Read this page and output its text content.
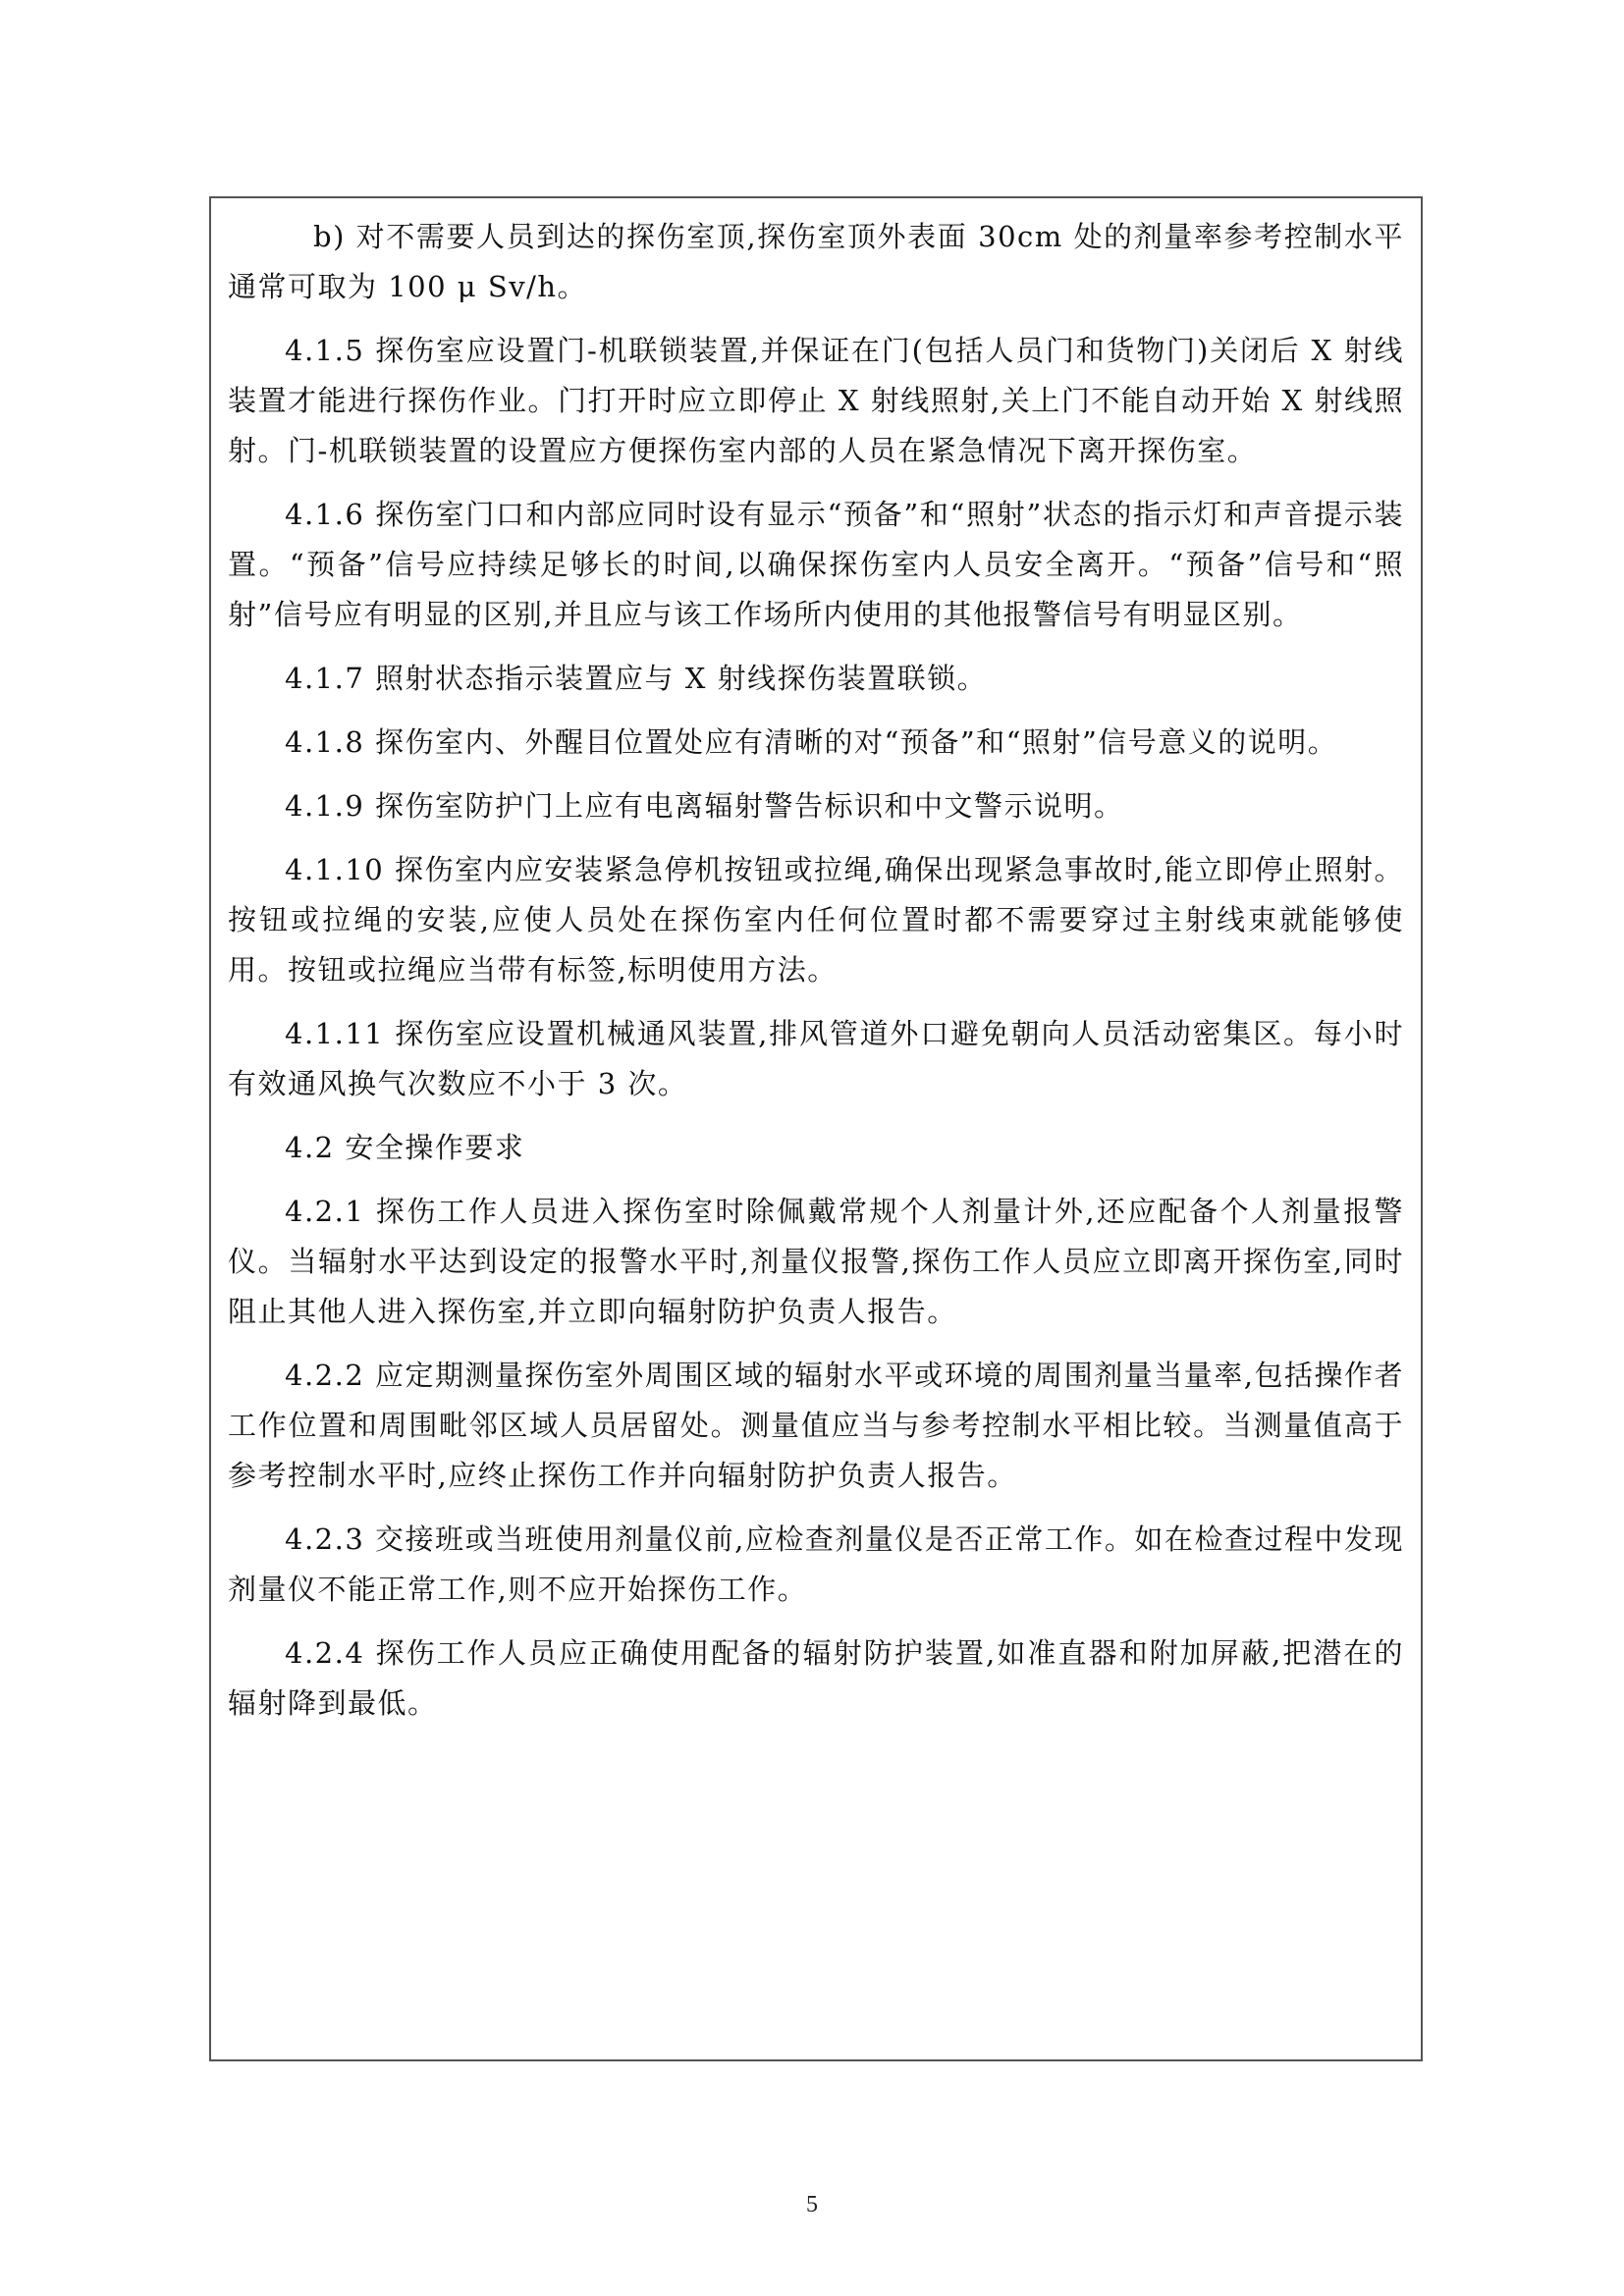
b) 对不需要人员到达的探伤室顶,探伤室顶外表面 30cm 处的剂量率参考控制水平通常可取为 100 μ Sv/h。

4.1.5 探伤室应设置门-机联锁装置,并保证在门(包括人员门和货物门)关闭后 X 射线装置才能进行探伤作业。门打开时应立即停止 X 射线照射,关上门不能自动开始 X 射线照射。门-机联锁装置的设置应方便探伤室内部的人员在紧急情况下离开探伤室。

4.1.6 探伤室门口和内部应同时设有显示“预备”和“照射”状态的指示灯和声音提示装置。“预备”信号应持续足够长的时间,以确保探伤室内人员安全离开。“预备”信号和“照射”信号应有明显的区别,并且应与该工作场所内使用的其他报警信号有明显区别。

4.1.7 照射状态指示装置应与 X 射线探伤装置联锁。

4.1.8 探伤室内、外醒目位置处应有清晰的对“预备”和“照射”信号意义的说明。

4.1.9 探伤室防护门上应有电离辐射警告标识和中文警示说明。

4.1.10 探伤室内应安装紧急停机按钮或拉绳,确保出现紧急事故时,能立即停止照射。按钮或拉绳的安装,应使人员处在探伤室内任何位置时都不需要穿过主射线束就能够使用。按钮或拉绳应当带有标签,标明使用方法。

4.1.11 探伤室应设置机械通风装置,排风管道外口避免朝向人员活动密集区。每小时有效通风换气次数应不小于 3 次。

4.2 安全操作要求

4.2.1 探伤工作人员进入探伤室时除佩戴常规个人剂量计外,还应配备个人剂量报警仪。当辐射水平达到设定的报警水平时,剂量仪报警,探伤工作人员应立即离开探伤室,同时阻止其他人进入探伤室,并立即向辐射防护负责人报告。

4.2.2 应定期测量探伤室外周围区域的辐射水平或环境的周围剂量当量率,包括操作者工作位置和周围毗邻区域人员居留处。测量值应当与参考控制水平相比较。当测量值高于参考控制水平时,应终止探伤工作并向辐射防护负责人报告。

4.2.3 交接班或当班使用剂量仪前,应检查剂量仪是否正常工作。如在检查过程中发现剂量仪不能正常工作,则不应开始探伤工作。

4.2.4 探伤工作人员应正确使用配备的辐射防护装置,如准直器和附加屏蔽,把潜在的辐射降到最低。

5
